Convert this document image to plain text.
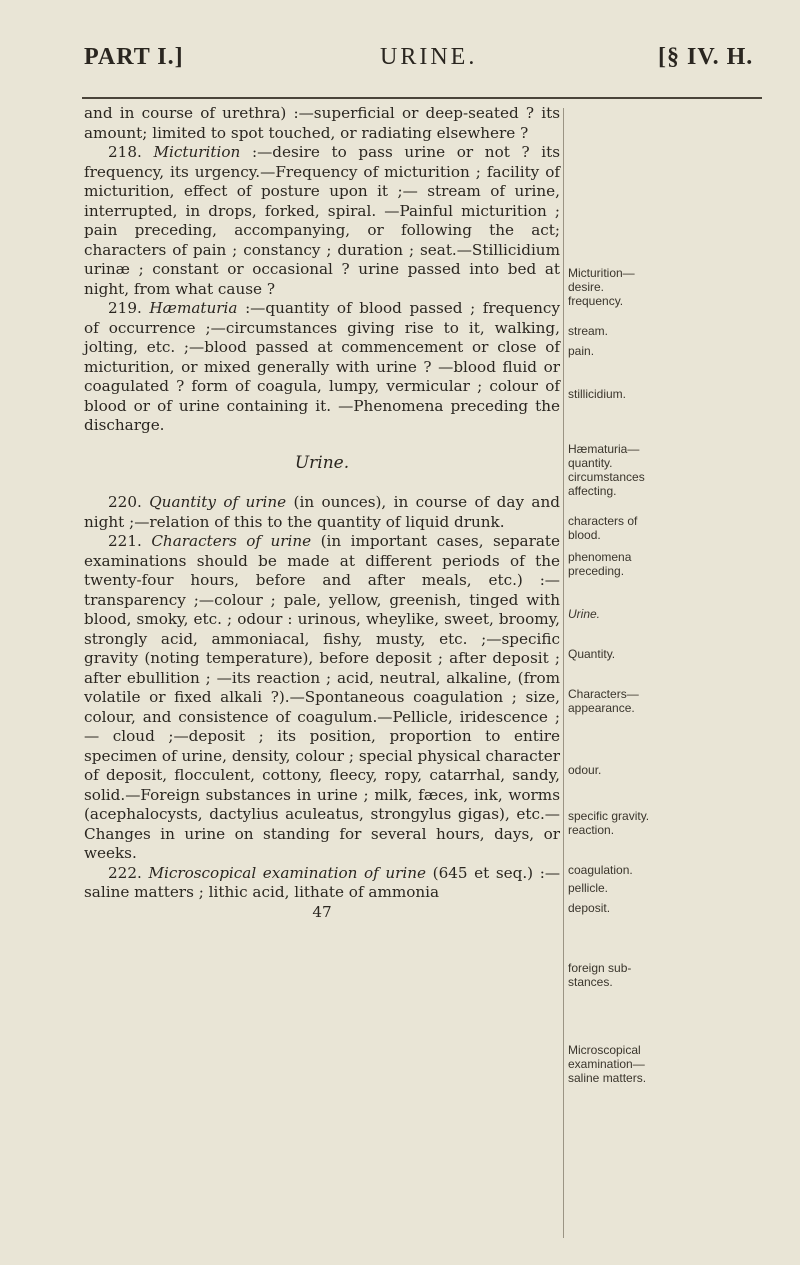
PART I.]	URINE.	[§ IV. H.

and in course of urethra) :—superficial or deep-seated ? its amount; limited to spot touched, or radiating elsewhere ?

218. Micturition :—desire to pass urine or not ? its frequency, its urgency.—Frequency of micturition ; facility of micturition, effect of posture upon it ;— stream of urine, interrupted, in drops, forked, spiral. —Painful micturition ; pain preceding, accompanying, or following the act; characters of pain ; constancy ; duration ; seat.—Stillicidium urinæ ; constant or occasional ? urine passed into bed at night, from what cause ?

219. Hæmaturia :—quantity of blood passed ; frequency of occurrence ;—circumstances giving rise to it, walking, jolting, etc. ;—blood passed at commencement or close of micturition, or mixed generally with urine ? —blood fluid or coagulated ? form of coagula, lumpy, vermicular ; colour of blood or of urine containing it. —Phenomena preceding the discharge.

Urine.

220. Quantity of urine (in ounces), in course of day and night ;—relation of this to the quantity of liquid drunk.

221. Characters of urine (in important cases, separate examinations should be made at different periods of the twenty-four hours, before and after meals, etc.) :—transparency ;—colour ; pale, yellow, greenish, tinged with blood, smoky, etc. ; odour : urinous, wheylike, sweet, broomy, strongly acid, ammoniacal, fishy, musty, etc. ;—specific gravity (noting temperature), before deposit ; after deposit ; after ebullition ; —its reaction ; acid, neutral, alkaline, (from volatile or fixed alkali ?).—Spontaneous coagulation ; size, colour, and consistence of coagulum.—Pellicle, iridescence ;— cloud ;—deposit ; its position, proportion to entire specimen of urine, density, colour ; special physical character of deposit, flocculent, cottony, fleecy, ropy, catarrhal, sandy, solid.—Foreign substances in urine ; milk, fæces, ink, worms (acephalocysts, dactylius aculeatus, strongylus gigas), etc.—Changes in urine on standing for several hours, days, or weeks.

222. Microscopical examination of urine (645 et seq.) :—saline matters ; lithic acid, lithate of ammonia

47

Micturition—
desire.
frequency.
stream.
pain.
stillicidium.
Hæmaturia—
quantity.
circumstances
affecting.
characters of
blood.
phenomena
preceding.
Urine.
Quantity.
Characters—
appearance.
odour.
specific gravity.
reaction.
coagulation.
pellicle.
deposit.
foreign sub-
stances.
Microscopical
examination—
saline matters.
